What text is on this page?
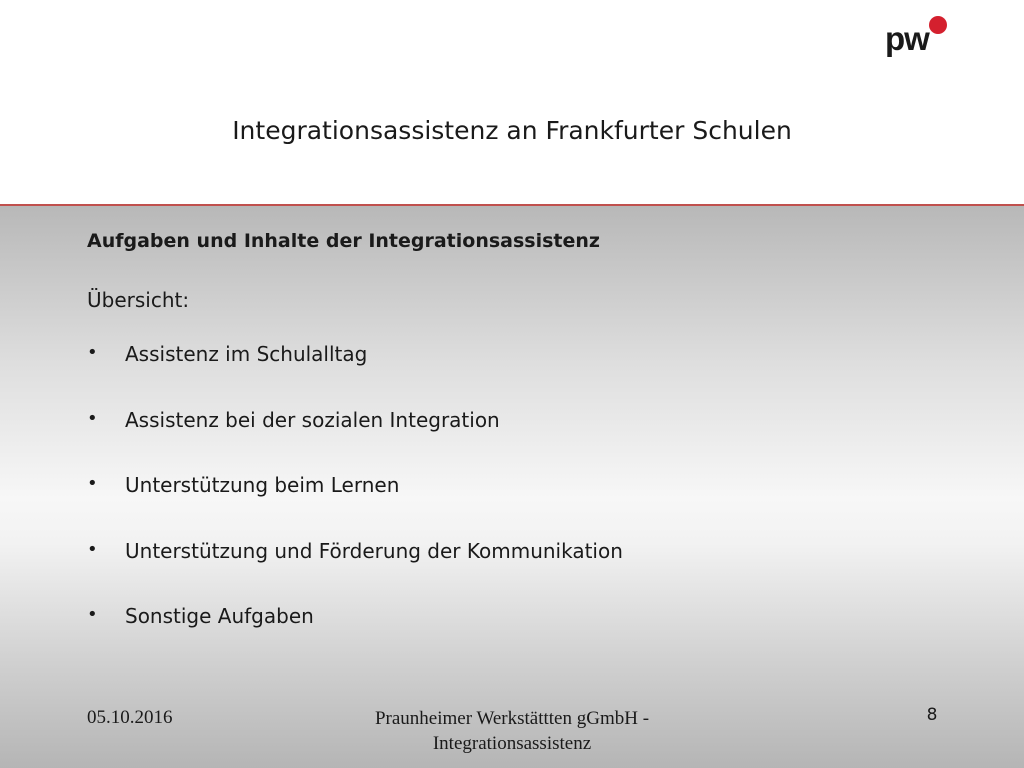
pw
Integrationsassistenz an Frankfurter Schulen
Aufgaben und Inhalte der Integrationsassistenz
Übersicht:
•	Assistenz im Schulalltag
•	Assistenz bei der sozialen Integration
•	Unterstützung beim Lernen
•	Unterstützung und Förderung der Kommunikation
•	Sonstige Aufgaben
05.10.2016	Praunheimer Werkstättten gGmbH -
Integrationsassistenz
8
